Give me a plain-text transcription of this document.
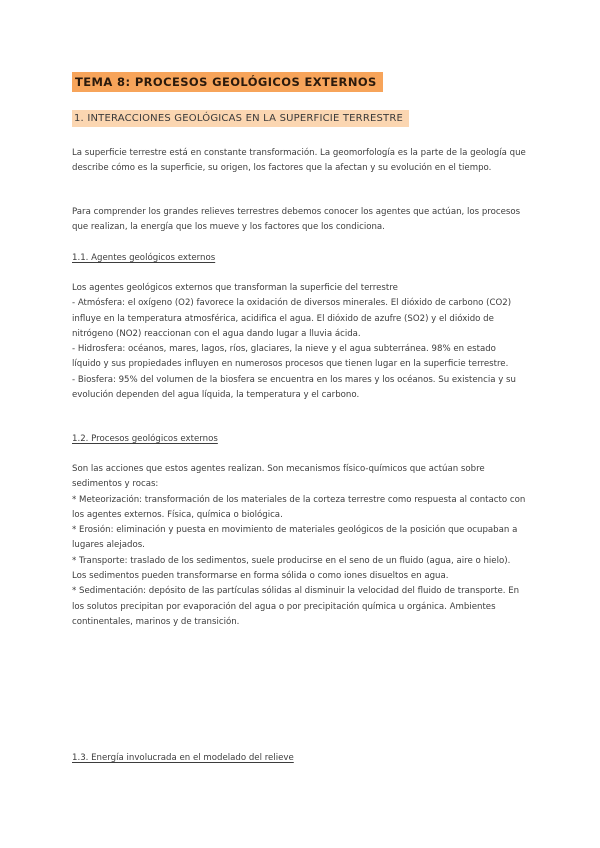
TEMA 8: PROCESOS GEOLÓGICOS EXTERNOS
1. INTERACCIONES GEOLÓGICAS EN LA SUPERFICIE TERRESTRE

La superficie terrestre está en constante transformación. La geomorfología es la parte de la geología que describe cómo es la superficie, su origen, los factores que la afectan y su evolución en el tiempo.

Para comprender los grandes relieves terrestres debemos conocer los agentes que actúan, los procesos que realizan, la energía que los mueve y los factores que los condiciona.

1.1. Agentes geológicos externos

Los agentes geológicos externos que transforman la superficie del terrestre

- Atmósfera: el oxígeno (O2) favorece la oxidación de diversos minerales. El dióxido de carbono (CO2) influye en la temperatura atmosférica, acidifica el agua. El dióxido de azufre (SO2) y el dióxido de nitrógeno (NO2) reaccionan con el agua dando lugar a lluvia ácida.

- Hidrosfera: océanos, mares, lagos, ríos, glaciares, la nieve y el agua subterránea. 98% en estado líquido y sus propiedades influyen en numerosos procesos que tienen lugar en la superficie terrestre.

- Biosfera: 95% del volumen de la biosfera se encuentra en los mares y los océanos. Su existencia y su evolución dependen del agua líquida, la temperatura y el carbono.

1.2. Procesos geológicos externos

Son las acciones que estos agentes realizan. Son mecanismos físico-químicos que actúan sobre sedimentos y rocas:

* Meteorización: transformación de los materiales de la corteza terrestre como respuesta al contacto con los agentes externos. Física, química o biológica.

* Erosión: eliminación y puesta en movimiento de materiales geológicos de la posición que ocupaban a lugares alejados.

* Transporte: traslado de los sedimentos, suele producirse en el seno de un fluido (agua, aire o hielo). Los sedimentos pueden transformarse en forma sólida o como iones disueltos en agua.

* Sedimentación: depósito de las partículas sólidas al disminuir la velocidad del fluido de transporte. En los solutos precipitan por evaporación del agua o por precipitación química u orgánica. Ambientes continentales, marinos y de transición.

1.3. Energía involucrada en el modelado del relieve
